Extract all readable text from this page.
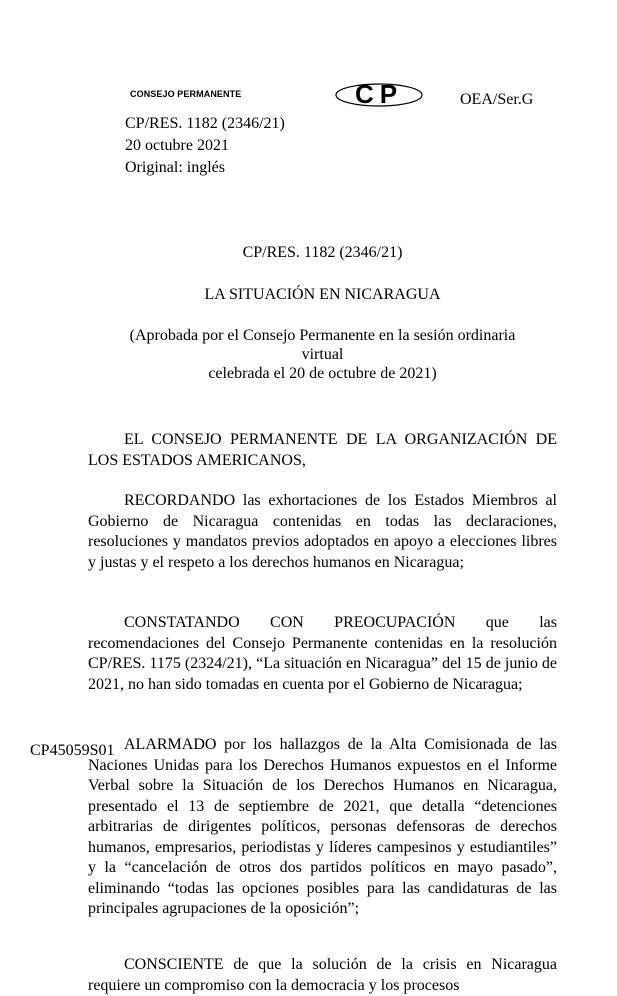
CONSEJO PERMANENTE	CP	OEA/Ser.G
CP/RES. 1182 (2346/21)
20 octubre 2021
Original: inglés
CP/RES. 1182 (2346/21)
LA SITUACIÓN EN NICARAGUA
(Aprobada por el Consejo Permanente en la sesión ordinaria
virtual
celebrada el 20 de octubre de 2021)

EL CONSEJO PERMANENTE DE LA ORGANIZACIÓN DE LOS ESTADOS AMERICANOS,

RECORDANDO las exhortaciones de los Estados Miembros al Gobierno de Nicaragua contenidas en todas las declaraciones, resoluciones y mandatos previos adoptados en apoyo a elecciones libres y justas y el respeto a los derechos humanos en Nicaragua;

CONSTATANDO CON PREOCUPACIÓN que las recomendaciones del Consejo Permanente contenidas en la resolución CP/RES. 1175 (2324/21), “La situación en Nicaragua” del 15 de junio de 2021, no han sido tomadas en cuenta por el Gobierno de Nicaragua;

ALARMADO por los hallazgos de la Alta Comisionada de las Naciones Unidas para los Derechos Humanos expuestos en el Informe Verbal sobre la Situación de los Derechos Humanos en Nicaragua, presentado el 13 de septiembre de 2021, que detalla “detenciones arbitrarias de dirigentes políticos, personas defensoras de derechos humanos, empresarios, periodistas y líderes campesinos y estudiantiles” y la “cancelación de otros dos partidos políticos en mayo pasado”, eliminando “todas las opciones posibles para las candidaturas de las principales agrupaciones de la oposición”;

CONSCIENTE de que la solución de la crisis en Nicaragua requiere un compromiso con la democracia y los procesos

CP45059S01
